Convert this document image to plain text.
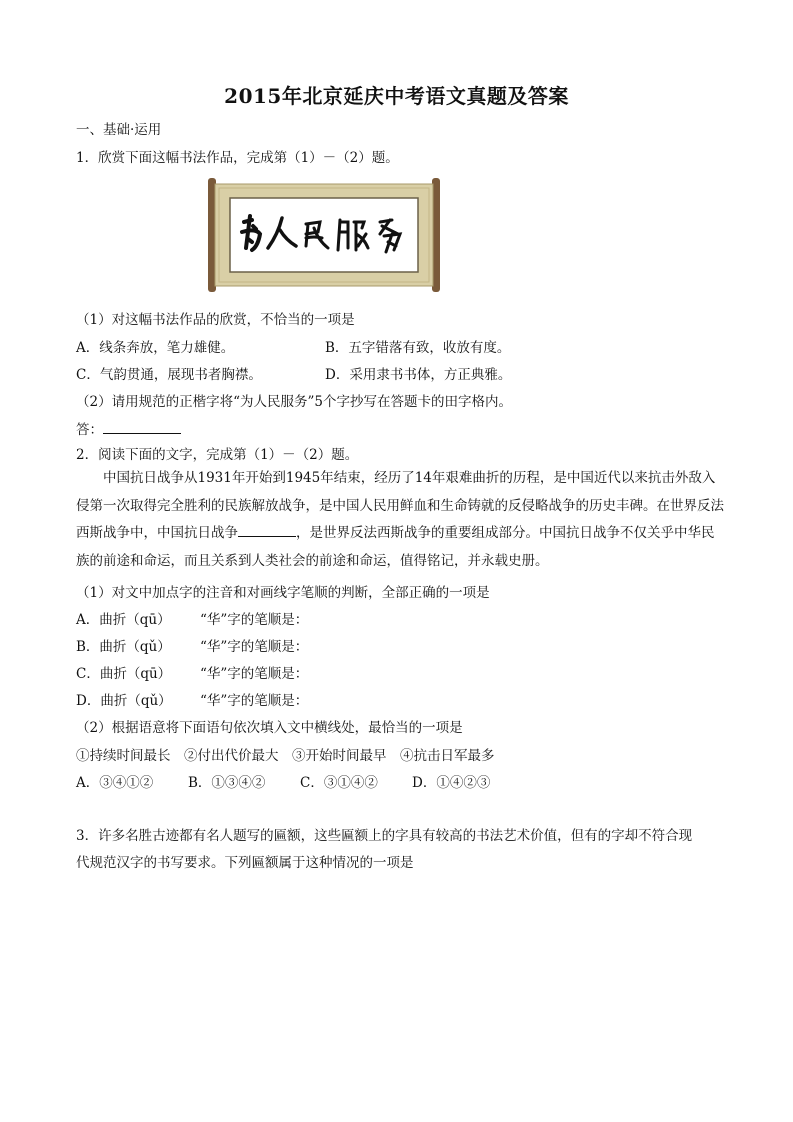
2015年北京延庆中考语文真题及答案
一、基础·运用
1．欣赏下面这幅书法作品，完成第（1）－（2）题。
（1）对这幅书法作品的欣赏，不恰当的一项是
A．线条奔放，笔力雄健。	B．五字错落有致，收放有度。
C．气韵贯通，展现书者胸襟。	D．采用隶书书体，方正典雅。
（2）请用规范的正楷字将“为人民服务”5个字抄写在答题卡的田字格内。
答：
2．阅读下面的文字，完成第（1）－（2）题。
中国抗日战争从1931年开始到1945年结束，经历了14年艰难曲折的历程，是中国近代以来抗击外敌入侵第一次取得完全胜利的民族解放战争，是中国人民用鲜血和生命铸就的反侵略战争的历史丰碑。在世界反法西斯战争中，中国抗日战争	，是世界反法西斯战争的重要组成部分。中国抗日战争不仅关乎中华民族的前途和命运，而且关系到人类社会的前途和命运，值得铭记，并永载史册。
（1）对文中加点字的注音和对画线字笔顺的判断，全部正确的一项是
A．曲折（qū） “华”字的笔顺是：
B．曲折（qǔ） “华”字的笔顺是：
C．曲折（qū） “华”字的笔顺是：
D．曲折（qǔ） “华”字的笔顺是：
（2）根据语意将下面语句依次填入文中横线处，最恰当的一项是
①持续时间最长　②付出代价最大　③开始时间最早　④抗击日军最多
A．③④①②	B．①③④②	C．③①④②	D．①④②③
3．许多名胜古迹都有名人题写的匾额，这些匾额上的字具有较高的书法艺术价值，但有的字却不符合现
代规范汉字的书写要求。下列匾额属于这种情况的一项是
